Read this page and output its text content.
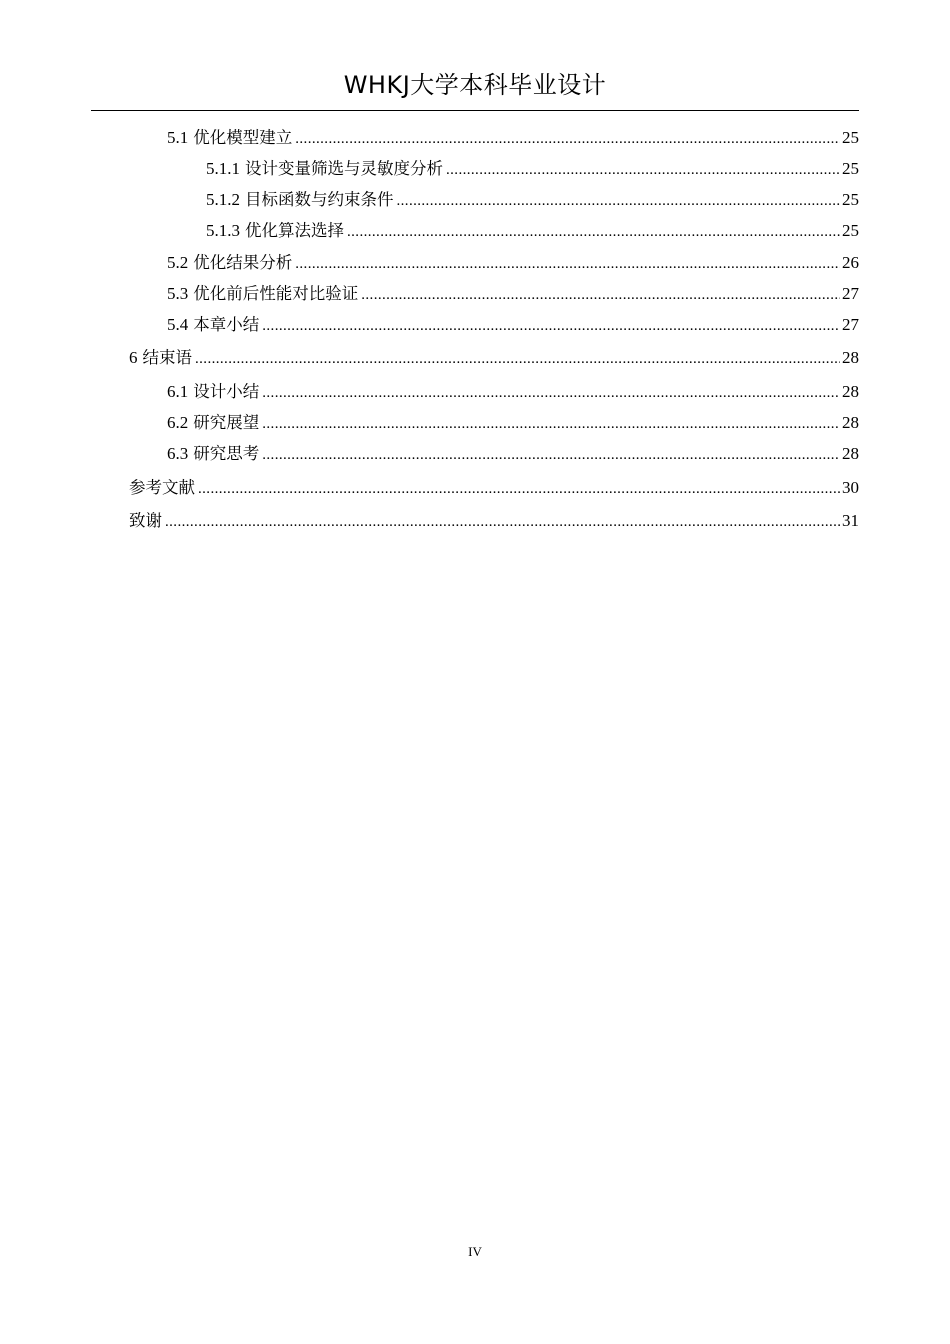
WHKJ大学本科毕业设计
5.1 优化模型建立 .....	25
5.1.1 设计变量筛选与灵敏度分析 .....	25
5.1.2 目标函数与约束条件 .....	25
5.1.3 优化算法选择 .....	25
5.2 优化结果分析 .....	26
5.3 优化前后性能对比验证 .....	27
5.4 本章小结 .....	27
6 结束语 .....	28
6.1 设计小结 .....	28
6.2 研究展望 .....	28
6.3 研究思考 .....	28
参考文献 .....	30
致谢 .....	31
IV
